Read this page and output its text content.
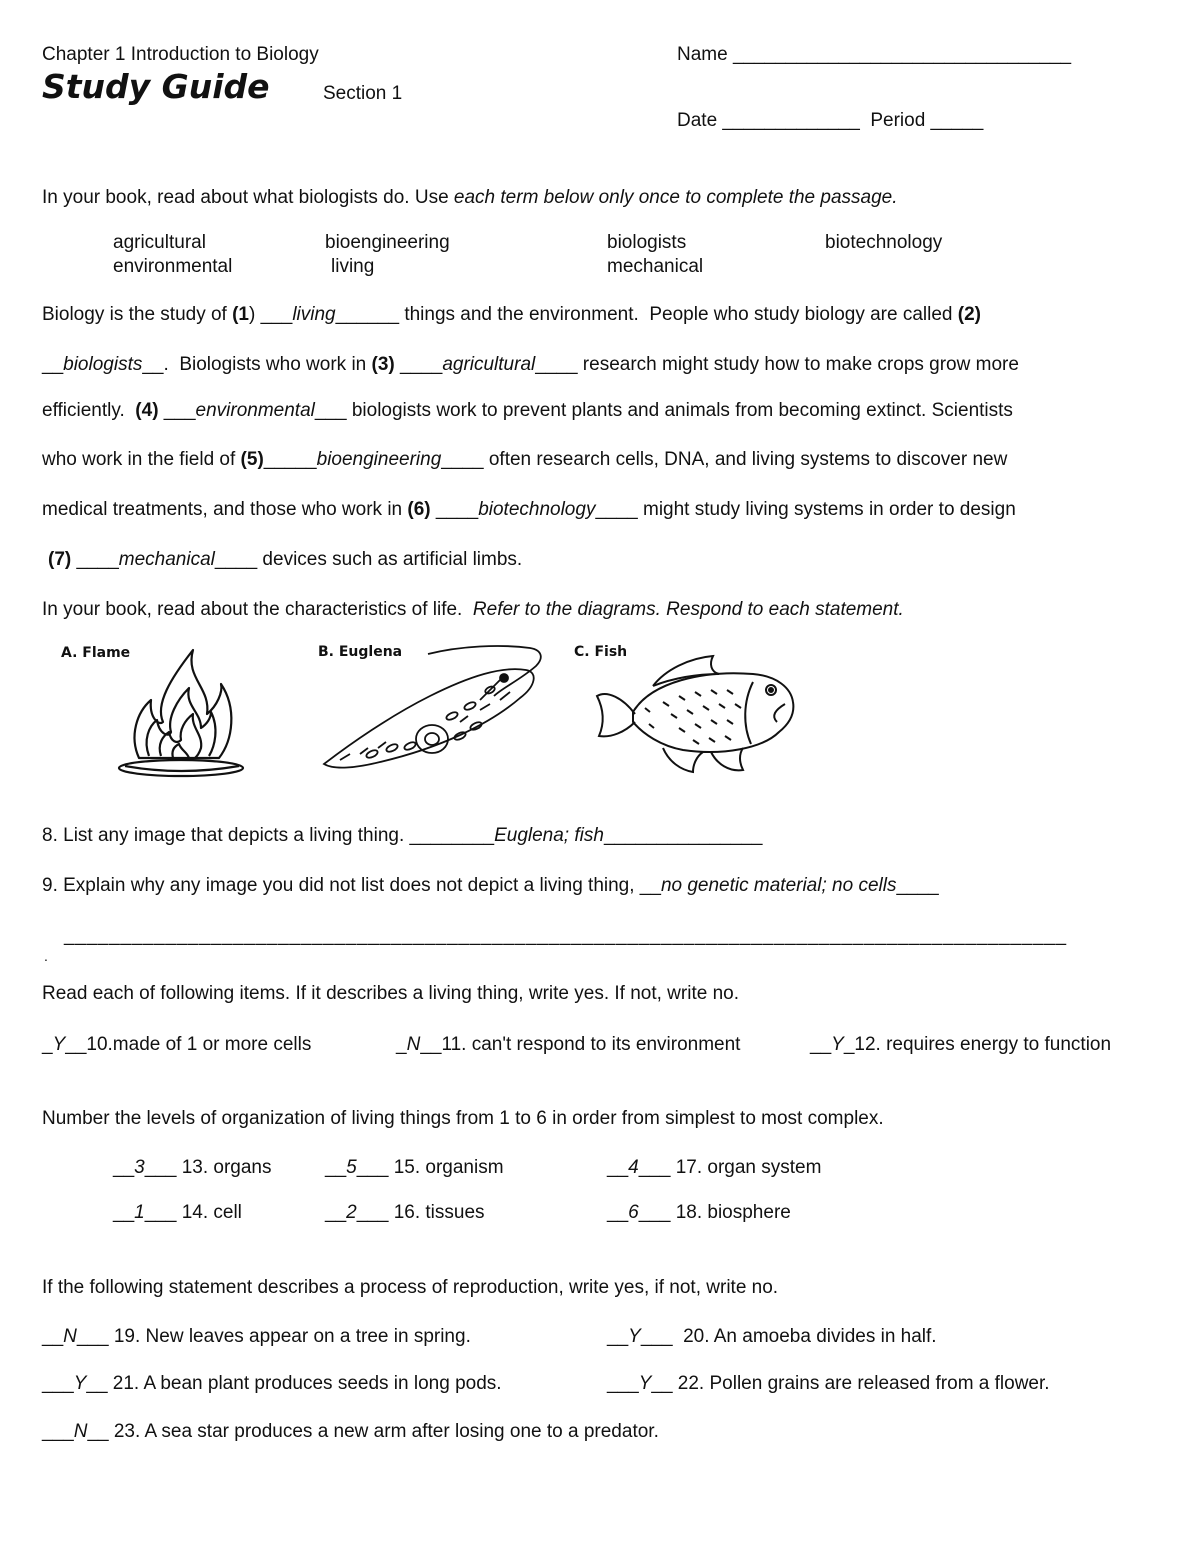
Chapter 1 Introduction to Biology
Study Guide	Section 1
Name ________________________________
Date _____________  Period _____
In your book, read about what biologists do. Use each term below only once to complete the passage.
agricultural	bioengineering	biologists	biotechnology
environmental	living	mechanical
Biology is the study of (1) ___living______ things and the environment.  People who study biology are called (2)
__biologists__.  Biologists who work in (3) ____agricultural____ research might study how to make crops grow more
efficiently.  (4) ___environmental___ biologists work to prevent plants and animals from becoming extinct. Scientists
who work in the field of (5)_____bioengineering____ often research cells, DNA, and living systems to discover new
medical treatments, and those who work in (6) ____biotechnology____ might study living systems in order to design
(7) ____mechanical____ devices such as artificial limbs.
In your book, read about the characteristics of life.  Refer to the diagrams. Respond to each statement.
A. Flame	B. Euglena	C. Fish
8. List any image that depicts a living thing. ________Euglena; fish_______________
9. Explain why any image you did not list does not depict a living thing, __no genetic material; no cells____
_________________________________________________________________________________________
.
Read each of following items. If it describes a living thing, write yes. If not, write no.
_Y__10.made of 1 or more cells	_N__11. can't respond to its environment	__Y_12. requires energy to function
Number the levels of organization of living things from 1 to 6 in order from simplest to most complex.
__3___ 13. organs	__5___ 15. organism	__4___ 17. organ system
__1___ 14. cell	__2___ 16. tissues	__6___ 18. biosphere
If the following statement describes a process of reproduction, write yes, if not, write no.
__N___ 19. New leaves appear on a tree in spring.	__Y___  20. An amoeba divides in half.
___Y__ 21. A bean plant produces seeds in long pods.	___Y__ 22. Pollen grains are released from a flower.
___N__ 23. A sea star produces a new arm after losing one to a predator.
